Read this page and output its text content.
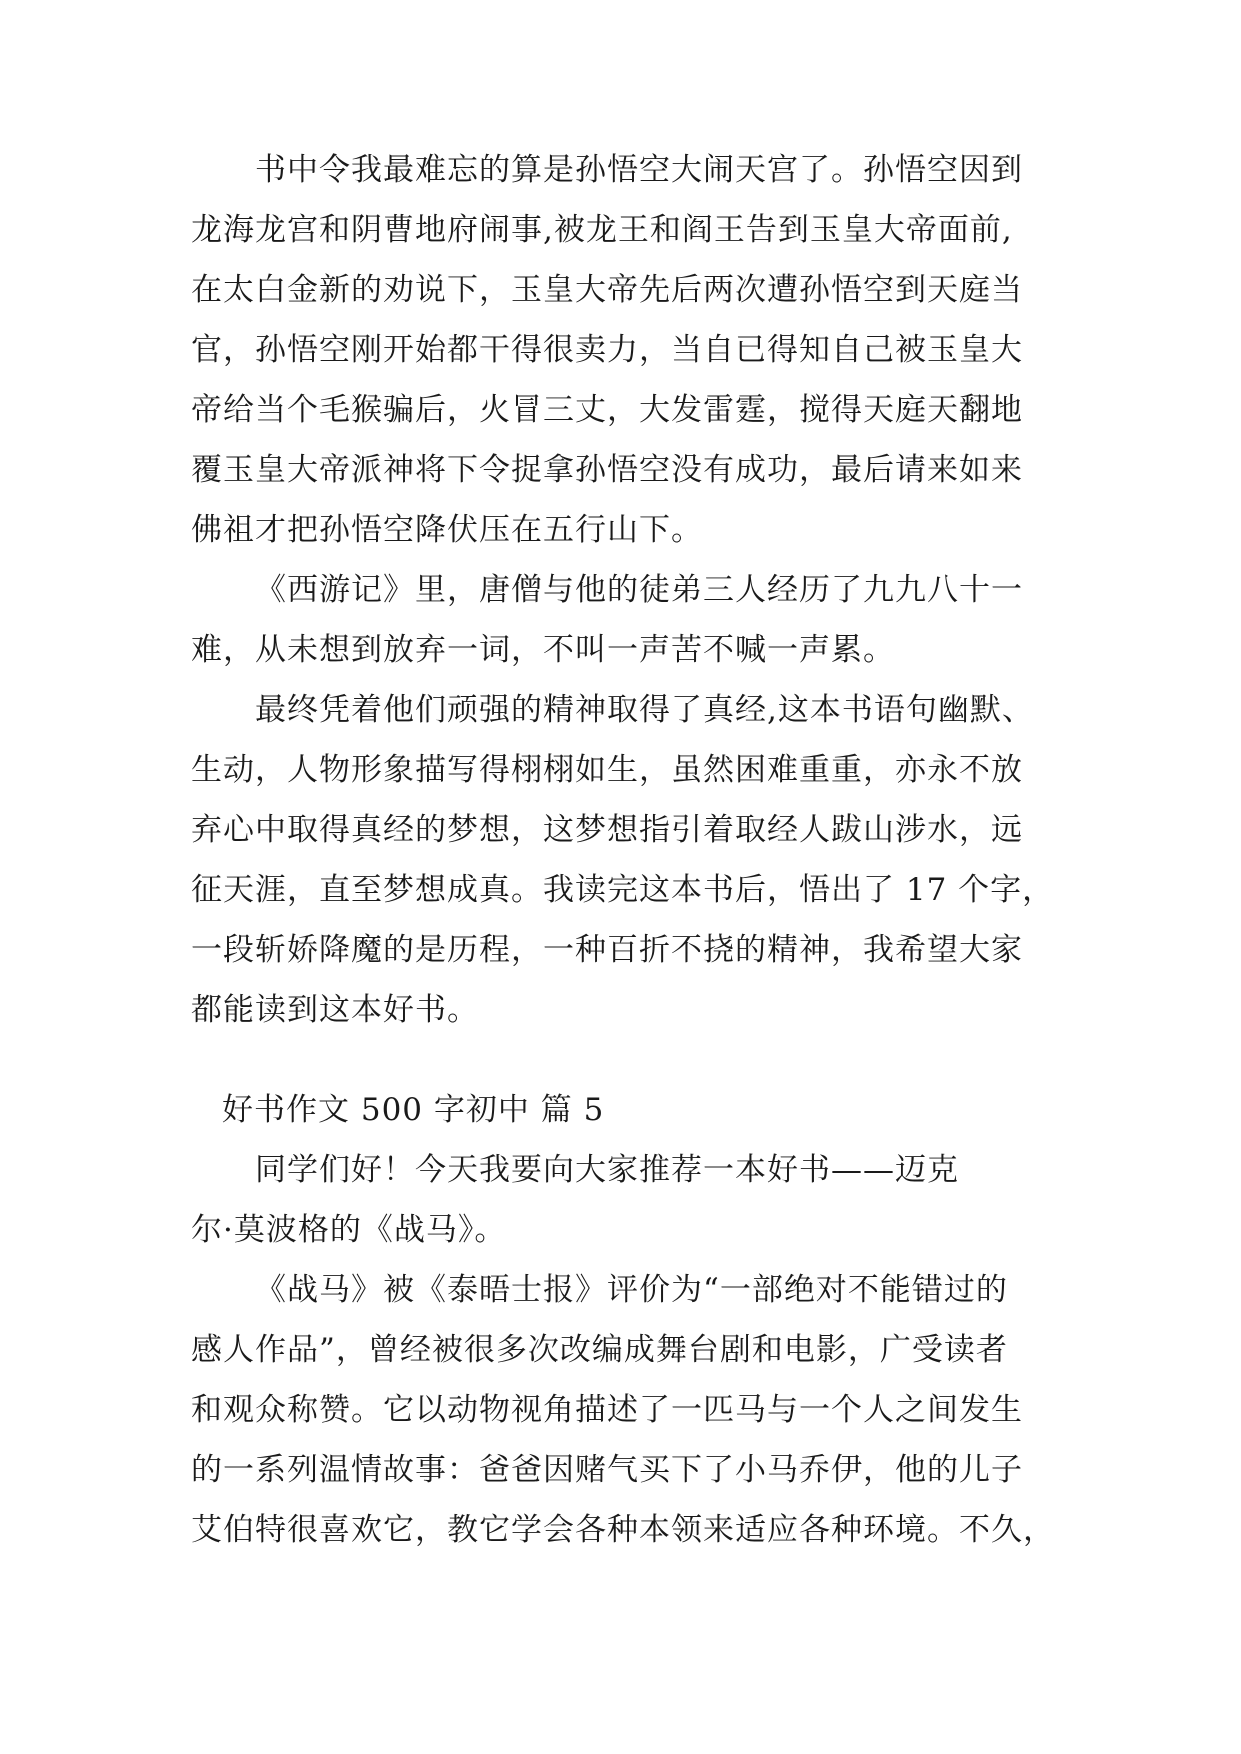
书中令我最难忘的算是孙悟空大闹天宫了。孙悟空因到
龙海龙宫和阴曹地府闹事,被龙王和阎王告到玉皇大帝面前,
在太白金新的劝说下，玉皇大帝先后两次遭孙悟空到天庭当
官，孙悟空刚开始都干得很卖力，当自已得知自己被玉皇大
帝给当个毛猴骗后，火冒三丈，大发雷霆，搅得天庭天翻地
覆玉皇大帝派神将下令捉拿孙悟空没有成功，最后请来如来
佛祖才把孙悟空降伏压在五行山下。
《西游记》里，唐僧与他的徒弟三人经历了九九八十一
难，从未想到放弃一词，不叫一声苦不喊一声累。
最终凭着他们顽强的精神取得了真经,这本书语句幽默、
生动，人物形象描写得栩栩如生，虽然困难重重，亦永不放
弃心中取得真经的梦想，这梦想指引着取经人跋山涉水，远
征天涯，直至梦想成真。我读完这本书后，悟出了 17 个字，
一段斩娇降魔的是历程，一种百折不挠的精神，我希望大家
都能读到这本好书。
好书作文 500 字初中 篇 5
同学们好！今天我要向大家推荐一本好书——迈克
尔·莫波格的《战马》。
《战马》被《泰晤士报》评价为“一部绝对不能错过的
感人作品”，曾经被很多次改编成舞台剧和电影，广受读者
和观众称赞。它以动物视角描述了一匹马与一个人之间发生
的一系列温情故事：爸爸因赌气买下了小马乔伊，他的儿子
艾伯特很喜欢它，教它学会各种本领来适应各种环境。不久，
